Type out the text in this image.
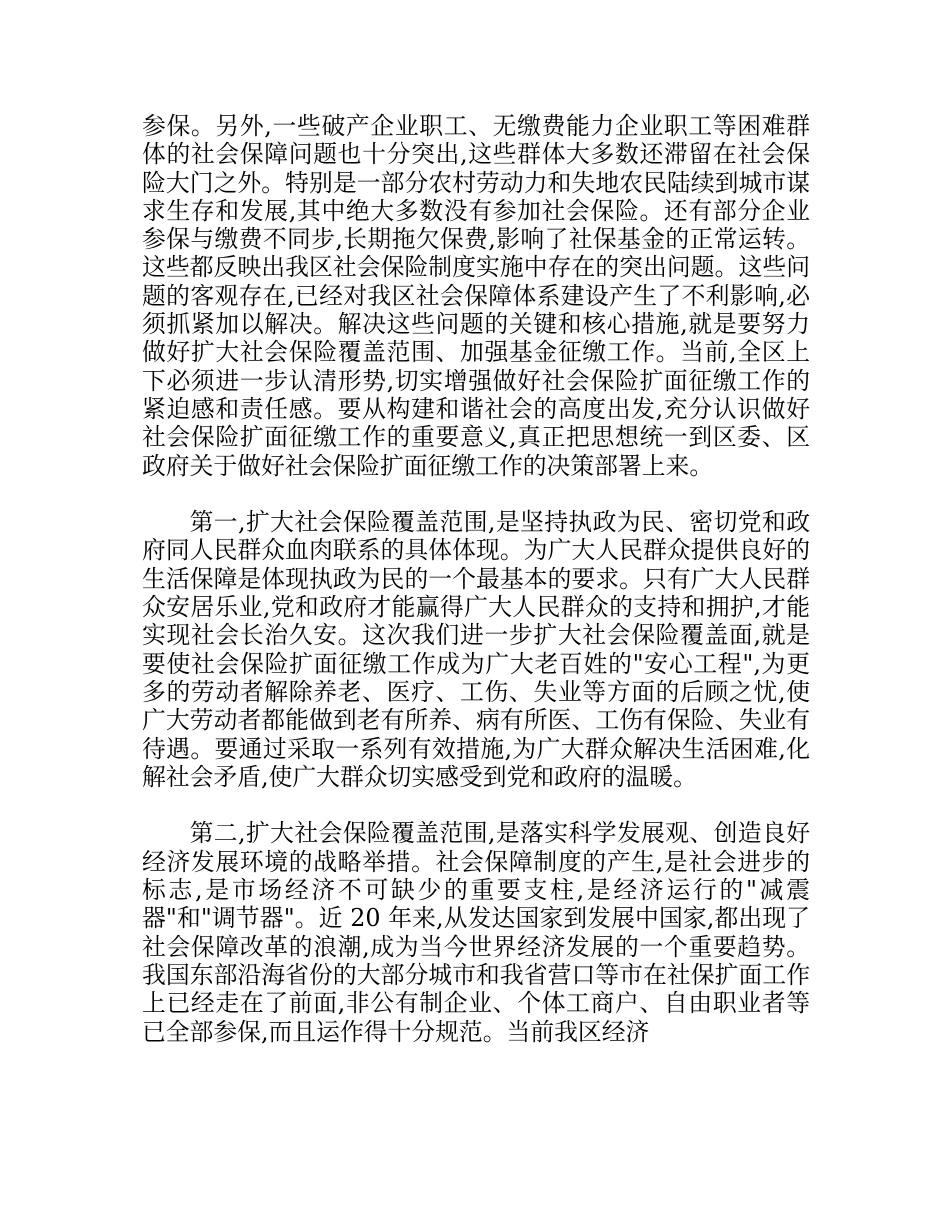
参保。另外,一些破产企业职工、无缴费能力企业职工等困难群体的社会保障问题也十分突出,这些群体大多数还滞留在社会保险大门之外。特别是一部分农村劳动力和失地农民陆续到城市谋求生存和发展,其中绝大多数没有参加社会保险。还有部分企业参保与缴费不同步,长期拖欠保费,影响了社保基金的正常运转。这些都反映出我区社会保险制度实施中存在的突出问题。这些问题的客观存在,已经对我区社会保障体系建设产生了不利影响,必须抓紧加以解决。解决这些问题的关键和核心措施,就是要努力做好扩大社会保险覆盖范围、加强基金征缴工作。当前,全区上下必须进一步认清形势,切实增强做好社会保险扩面征缴工作的紧迫感和责任感。要从构建和谐社会的高度出发,充分认识做好社会保险扩面征缴工作的重要意义,真正把思想统一到区委、区政府关于做好社会保险扩面征缴工作的决策部署上来。

第一,扩大社会保险覆盖范围,是坚持执政为民、密切党和政府同人民群众血肉联系的具体体现。为广大人民群众提供良好的生活保障是体现执政为民的一个最基本的要求。只有广大人民群众安居乐业,党和政府才能赢得广大人民群众的支持和拥护,才能实现社会长治久安。这次我们进一步扩大社会保险覆盖面,就是要使社会保险扩面征缴工作成为广大老百姓的"安心工程",为更多的劳动者解除养老、医疗、工伤、失业等方面的后顾之忧,使广大劳动者都能做到老有所养、病有所医、工伤有保险、失业有待遇。要通过采取一系列有效措施,为广大群众解决生活困难,化解社会矛盾,使广大群众切实感受到党和政府的温暖。

第二,扩大社会保险覆盖范围,是落实科学发展观、创造良好经济发展环境的战略举措。社会保障制度的产生,是社会进步的标志,是市场经济不可缺少的重要支柱,是经济运行的"减震器"和"调节器"。近 20 年来,从发达国家到发展中国家,都出现了社会保障改革的浪潮,成为当今世界经济发展的一个重要趋势。我国东部沿海省份的大部分城市和我省营口等市在社保扩面工作上已经走在了前面,非公有制企业、个体工商户、自由职业者等已全部参保,而且运作得十分规范。当前我区经济
